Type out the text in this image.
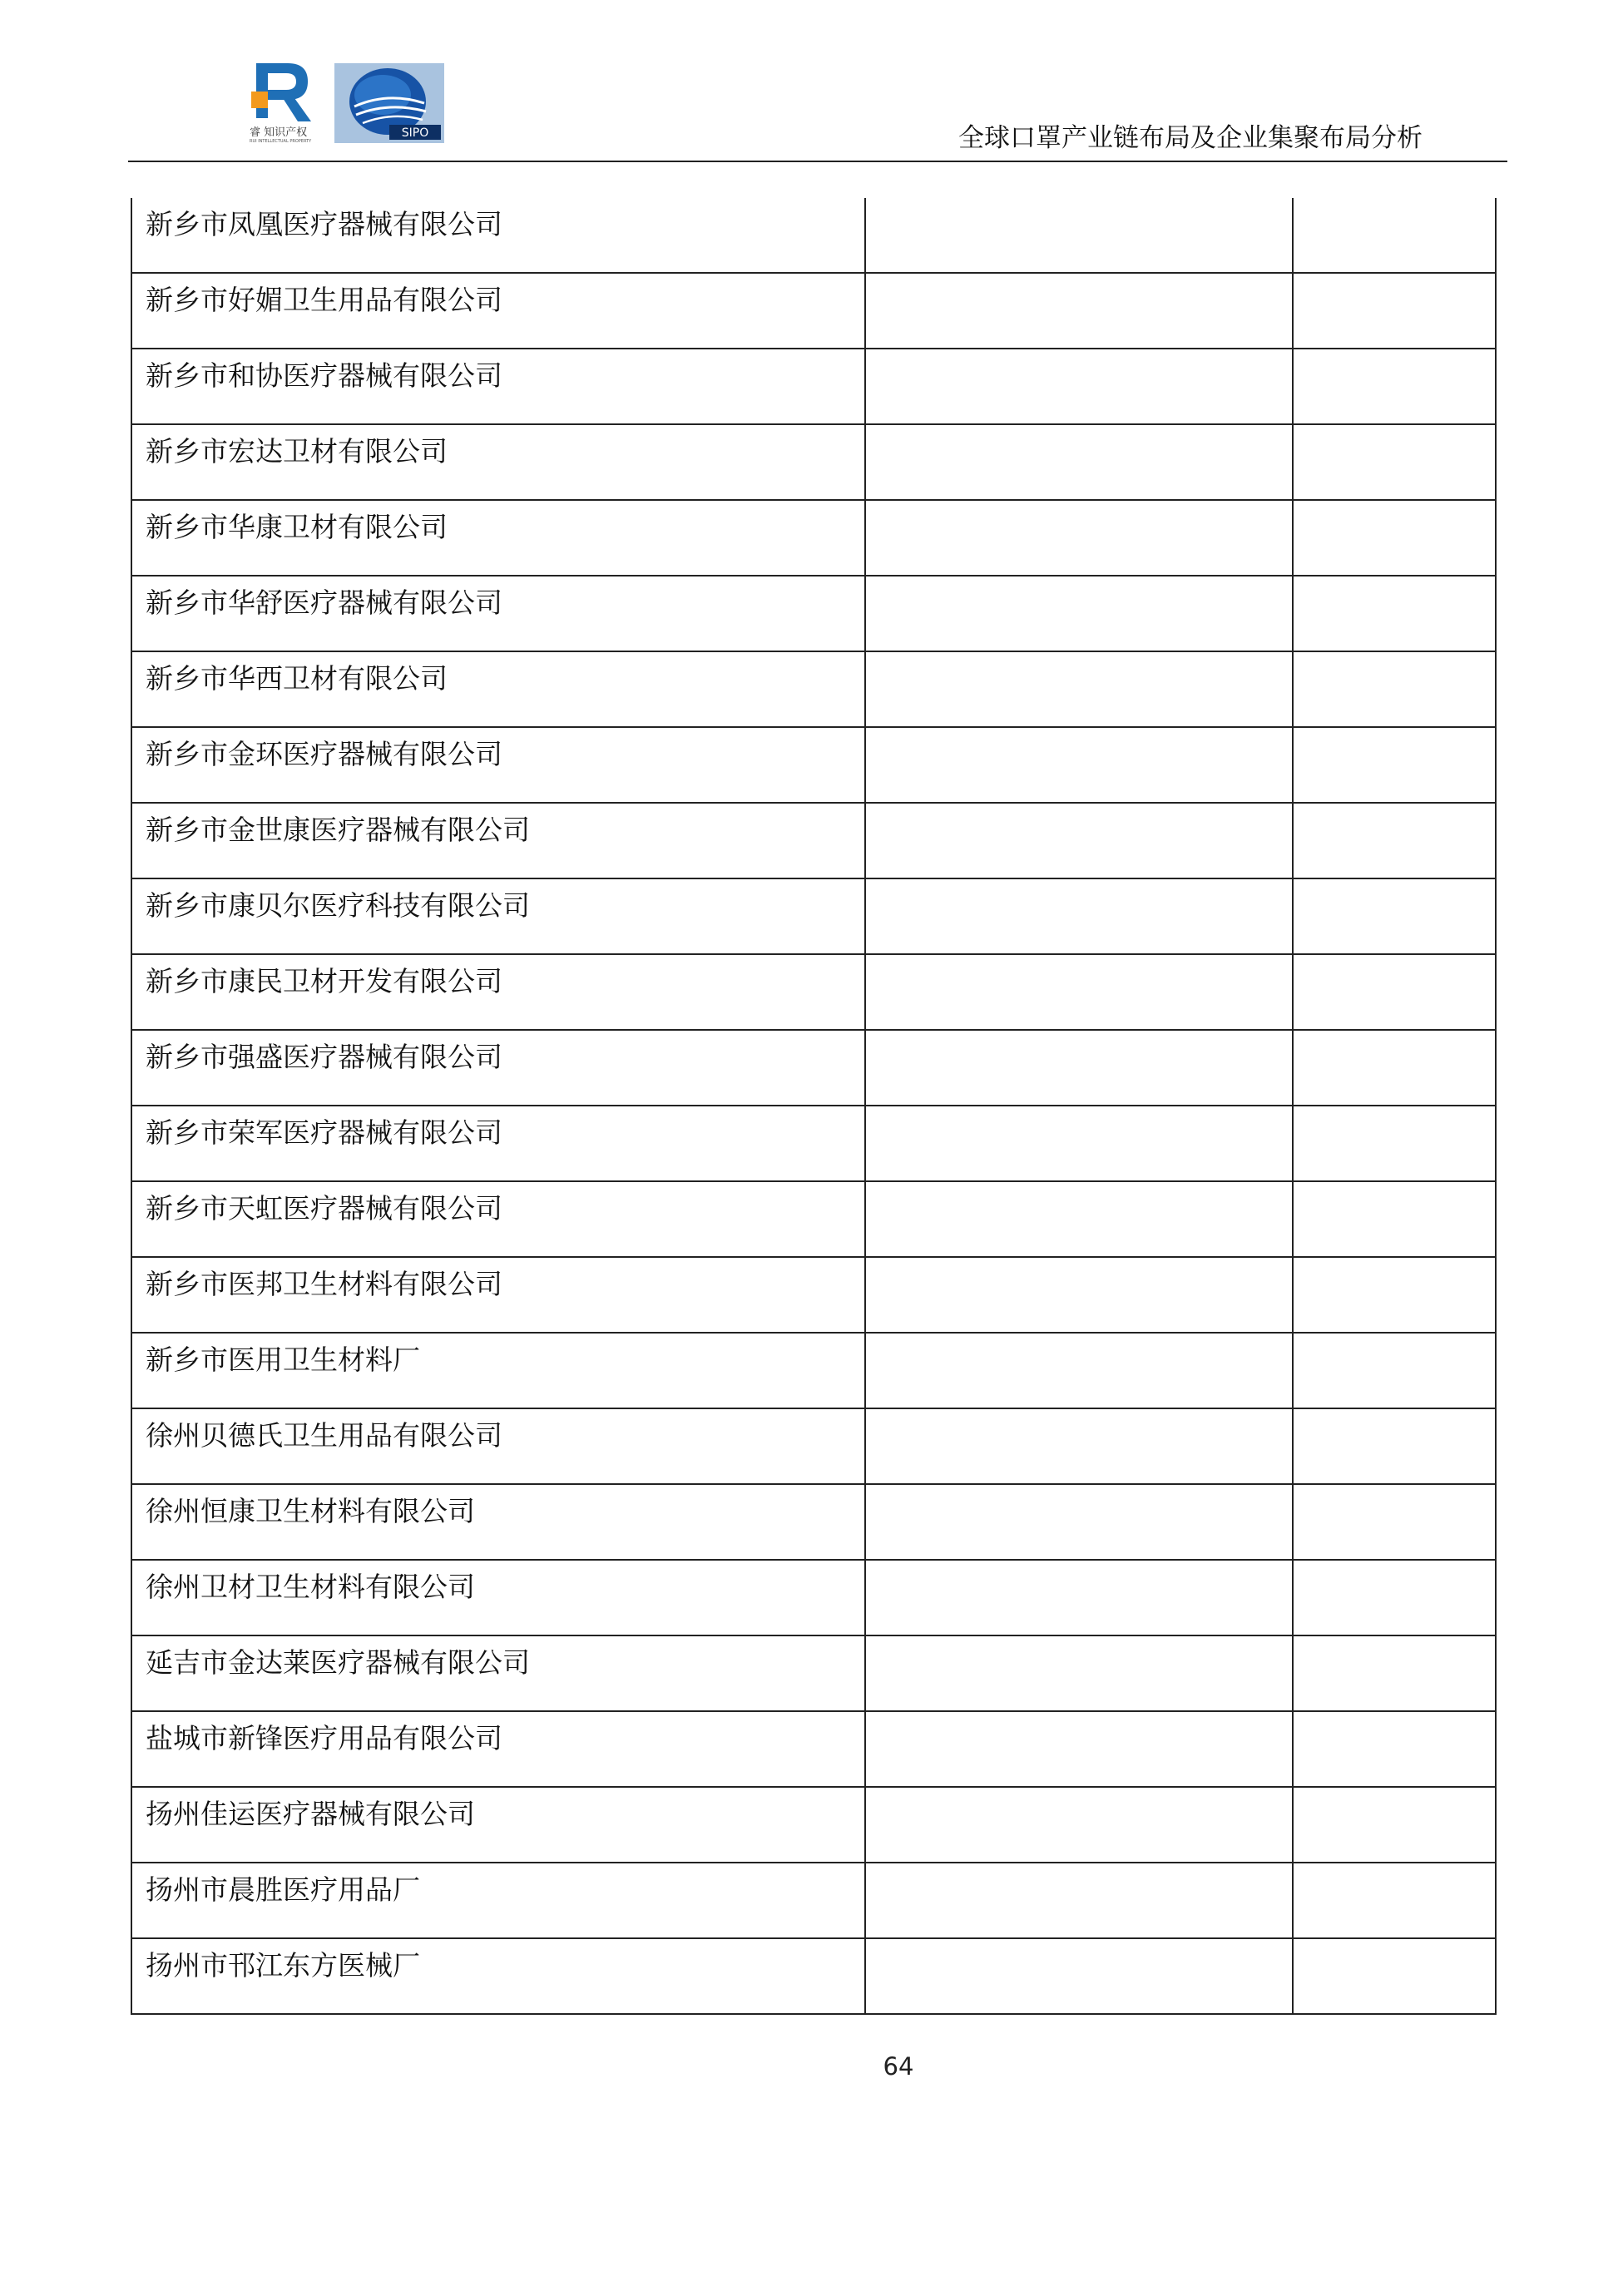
睿 知识产权
RUI INTELLECTUAL PROPERTY
SIPO	全球口罩产业链布局及企业集聚布局分析
新乡市凤凰医疗器械有限公司		

新乡市好媚卫生用品有限公司		

新乡市和协医疗器械有限公司		

新乡市宏达卫材有限公司		

新乡市华康卫材有限公司		

新乡市华舒医疗器械有限公司		

新乡市华西卫材有限公司		

新乡市金环医疗器械有限公司		

新乡市金世康医疗器械有限公司		

新乡市康贝尔医疗科技有限公司		

新乡市康民卫材开发有限公司		

新乡市强盛医疗器械有限公司		

新乡市荣军医疗器械有限公司		

新乡市天虹医疗器械有限公司		

新乡市医邦卫生材料有限公司		

新乡市医用卫生材料厂		

徐州贝德氏卫生用品有限公司		

徐州恒康卫生材料有限公司		

徐州卫材卫生材料有限公司		

延吉市金达莱医疗器械有限公司		

盐城市新锋医疗用品有限公司		

扬州佳运医疗器械有限公司		

扬州市晨胜医疗用品厂		

扬州市邗江东方医械厂		

64
